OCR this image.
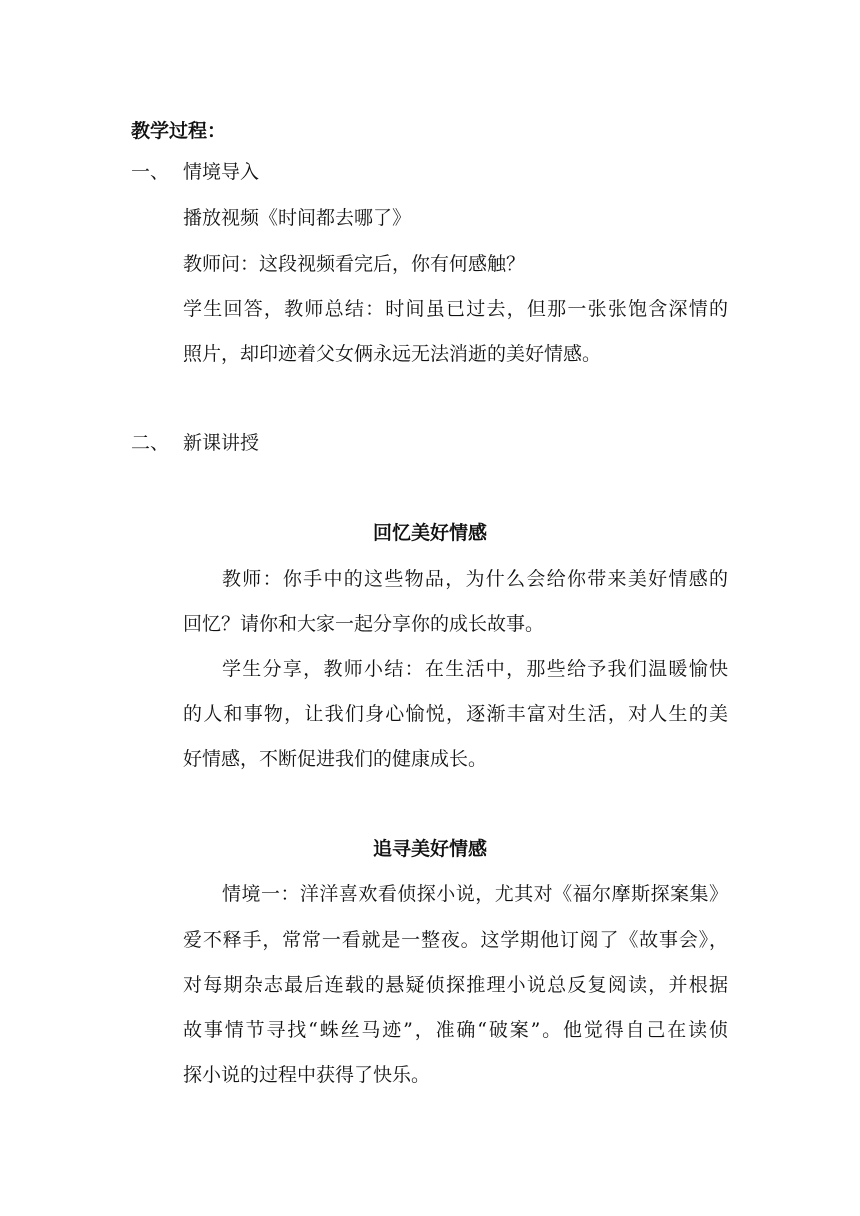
教学过程：
一、 情境导入
播放视频《时间都去哪了》
教师问：这段视频看完后，你有何感触？
学生回答，教师总结：时间虽已过去，但那一张张饱含深情的
照片，却印迹着父女俩永远无法消逝的美好情感。
二、 新课讲授
回忆美好情感
教师：你手中的这些物品，为什么会给你带来美好情感的
回忆？请你和大家一起分享你的成长故事。
学生分享，教师小结：在生活中，那些给予我们温暖愉快
的人和事物，让我们身心愉悦，逐渐丰富对生活，对人生的美
好情感，不断促进我们的健康成长。
追寻美好情感
情境一：洋洋喜欢看侦探小说，尤其对《福尔摩斯探案集》
爱不释手，常常一看就是一整夜。这学期他订阅了《故事会》，
对每期杂志最后连载的悬疑侦探推理小说总反复阅读，并根据
故事情节寻找“蛛丝马迹”，准确“破案”。他觉得自己在读侦
探小说的过程中获得了快乐。
